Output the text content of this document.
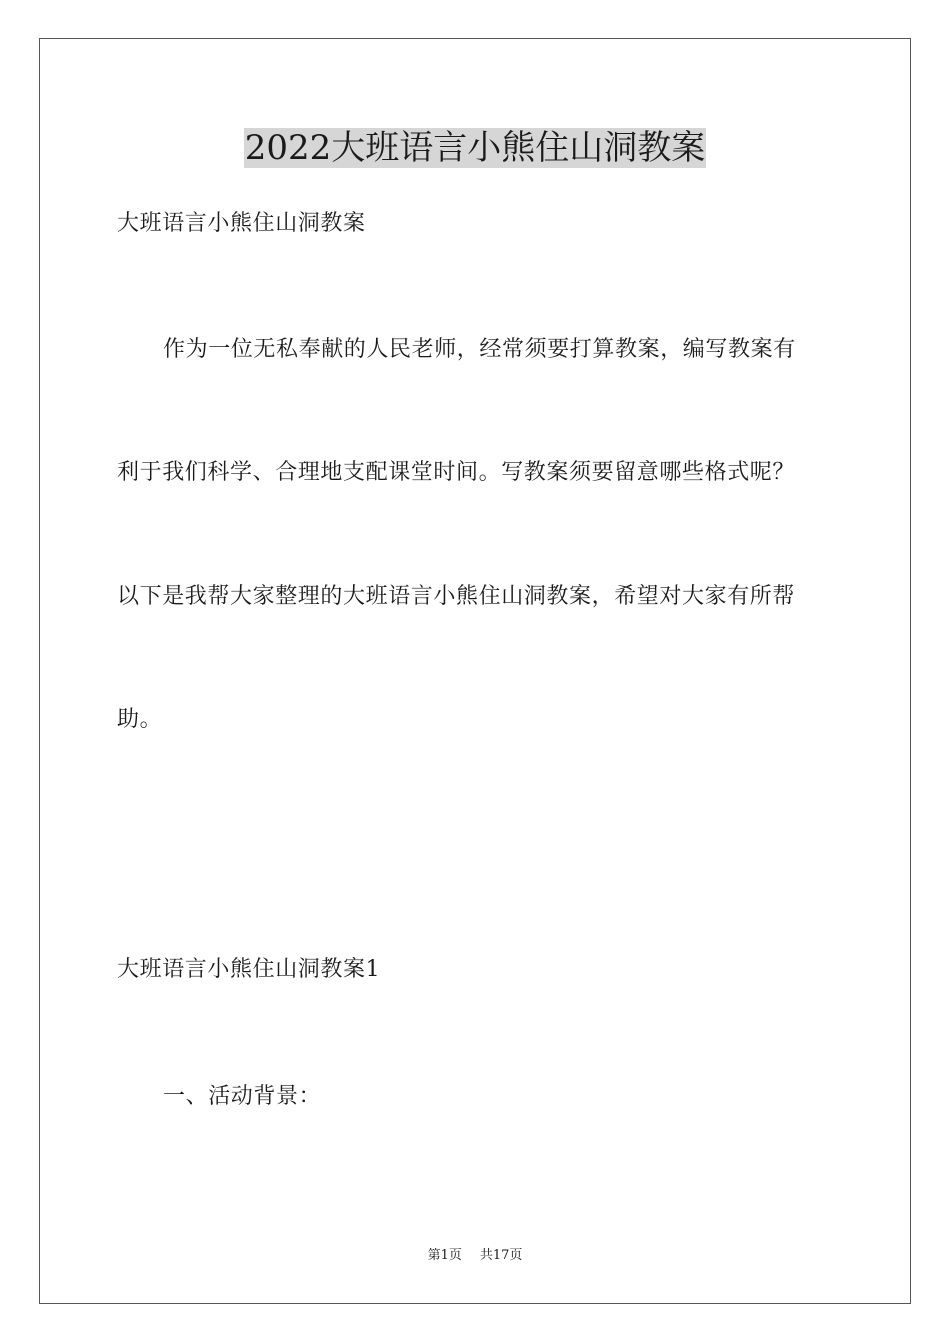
2022大班语言小熊住山洞教案
大班语言小熊住山洞教案
作为一位无私奉献的人民老师，经常须要打算教案，编写教案有
利于我们科学、合理地支配课堂时间。写教案须要留意哪些格式呢？
以下是我帮大家整理的大班语言小熊住山洞教案，希望对大家有所帮
助。
大班语言小熊住山洞教案1
一、活动背景：
第1页 共17页
